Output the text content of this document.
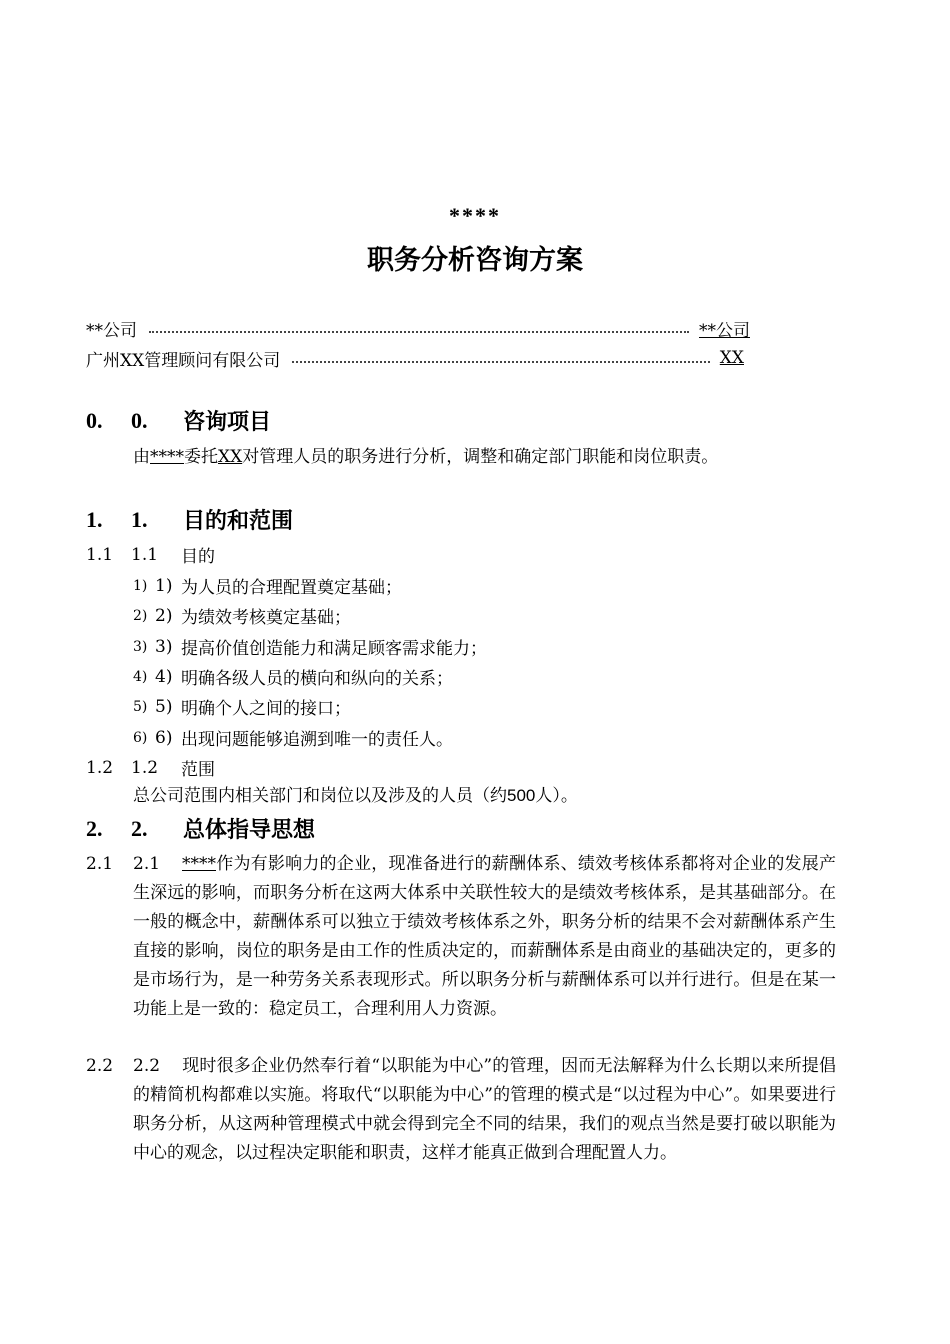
****
职务分析咨询方案
**公司	**公司
广州XX管理顾问有限公司	XX
0.	0.	咨询项目
由****委托XX对管理人员的职务进行分析，调整和确定部门职能和岗位职责。
1.	1.	目的和范围
1.1	1.1	目的
1) 1) 为人员的合理配置奠定基础；
2) 2) 为绩效考核奠定基础；
3) 3) 提高价值创造能力和满足顾客需求能力；
4) 4) 明确各级人员的横向和纵向的关系；
5) 5) 明确个人之间的接口；
6) 6) 出现问题能够追溯到唯一的责任人。
1.2	1.2	范围
总公司范围内相关部门和岗位以及涉及的人员（约500人）。
2.	2.	总体指导思想
2.1 2.1 ****作为有影响力的企业，现准备进行的薪酬体系、绩效考核体系都将对企业的发展产生深远的影响，而职务分析在这两大体系中关联性较大的是绩效考核体系，是其基础部分。在一般的概念中，薪酬体系可以独立于绩效考核体系之外，职务分析的结果不会对薪酬体系产生直接的影响，岗位的职务是由工作的性质决定的，而薪酬体系是由商业的基础决定的，更多的是市场行为，是一种劳务关系表现形式。所以职务分析与薪酬体系可以并行进行。但是在某一功能上是一致的：稳定员工，合理利用人力资源。
2.2 2.2 现时很多企业仍然奉行着“以职能为中心”的管理，因而无法解释为什么长期以来所提倡的精简机构都难以实施。将取代“以职能为中心”的管理的模式是“以过程为中心”。如果要进行职务分析，从这两种管理模式中就会得到完全不同的结果，我们的观点当然是要打破以职能为中心的观念，以过程决定职能和职责，这样才能真正做到合理配置人力。
